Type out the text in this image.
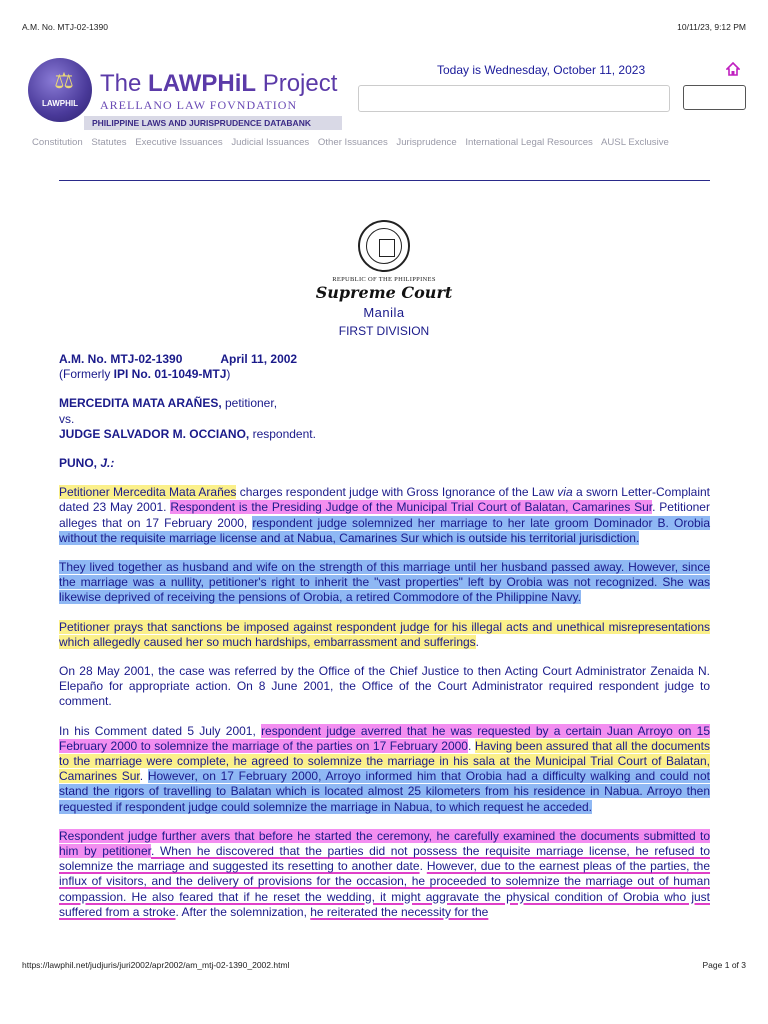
A.M. No. MTJ-02-1390	10/11/23, 9:12 PM
⚖
LAWPHIL
The LAWPHiL Project
ARELLANO LAW FOVNDATION
PHILIPPINE LAWS AND JURISPRUDENCE DATABANK
Today is Wednesday, October 11, 2023
Constitution Statutes Executive Issuances Judicial Issuances Other Issuances Jurisprudence International Legal Resources AUSL Exclusive
REPUBLIC OF THE PHILIPPINES
Supreme Court
Manila
FIRST DIVISION
A.M. No. MTJ-02-1390	April 11, 2002
(Formerly IPI No. 01-1049-MTJ)
MERCEDITA MATA ARAÑES, petitioner,
vs.
JUDGE SALVADOR M. OCCIANO, respondent.
PUNO, J.:

Petitioner Mercedita Mata Arañes charges respondent judge with Gross Ignorance of the Law via a sworn Letter-Complaint dated 23 May 2001. Respondent is the Presiding Judge of the Municipal Trial Court of Balatan, Camarines Sur. Petitioner alleges that on 17 February 2000, respondent judge solemnized her marriage to her late groom Dominador B. Orobia without the requisite marriage license and at Nabua, Camarines Sur which is outside his territorial jurisdiction.

They lived together as husband and wife on the strength of this marriage until her husband passed away. However, since the marriage was a nullity, petitioner's right to inherit the "vast properties" left by Orobia was not recognized. She was likewise deprived of receiving the pensions of Orobia, a retired Commodore of the Philippine Navy.

Petitioner prays that sanctions be imposed against respondent judge for his illegal acts and unethical misrepresentations which allegedly caused her so much hardships, embarrassment and sufferings.

On 28 May 2001, the case was referred by the Office of the Chief Justice to then Acting Court Administrator Zenaida N. Elepaño for appropriate action. On 8 June 2001, the Office of the Court Administrator required respondent judge to comment.

In his Comment dated 5 July 2001, respondent judge averred that he was requested by a certain Juan Arroyo on 15 February 2000 to solemnize the marriage of the parties on 17 February 2000. Having been assured that all the documents to the marriage were complete, he agreed to solemnize the marriage in his sala at the Municipal Trial Court of Balatan, Camarines Sur. However, on 17 February 2000, Arroyo informed him that Orobia had a difficulty walking and could not stand the rigors of travelling to Balatan which is located almost 25 kilometers from his residence in Nabua. Arroyo then requested if respondent judge could solemnize the marriage in Nabua, to which request he acceded.

Respondent judge further avers that before he started the ceremony, he carefully examined the documents submitted to him by petitioner. When he discovered that the parties did not possess the requisite marriage license, he refused to solemnize the marriage and suggested its resetting to another date. However, due to the earnest pleas of the parties, the influx of visitors, and the delivery of provisions for the occasion, he proceeded to solemnize the marriage out of human compassion. He also feared that if he reset the wedding, it might aggravate the physical condition of Orobia who just suffered from a stroke. After the solemnization, he reiterated the necessity for the

https://lawphil.net/judjuris/juri2002/apr2002/am_mtj-02-1390_2002.html	Page 1 of 3
